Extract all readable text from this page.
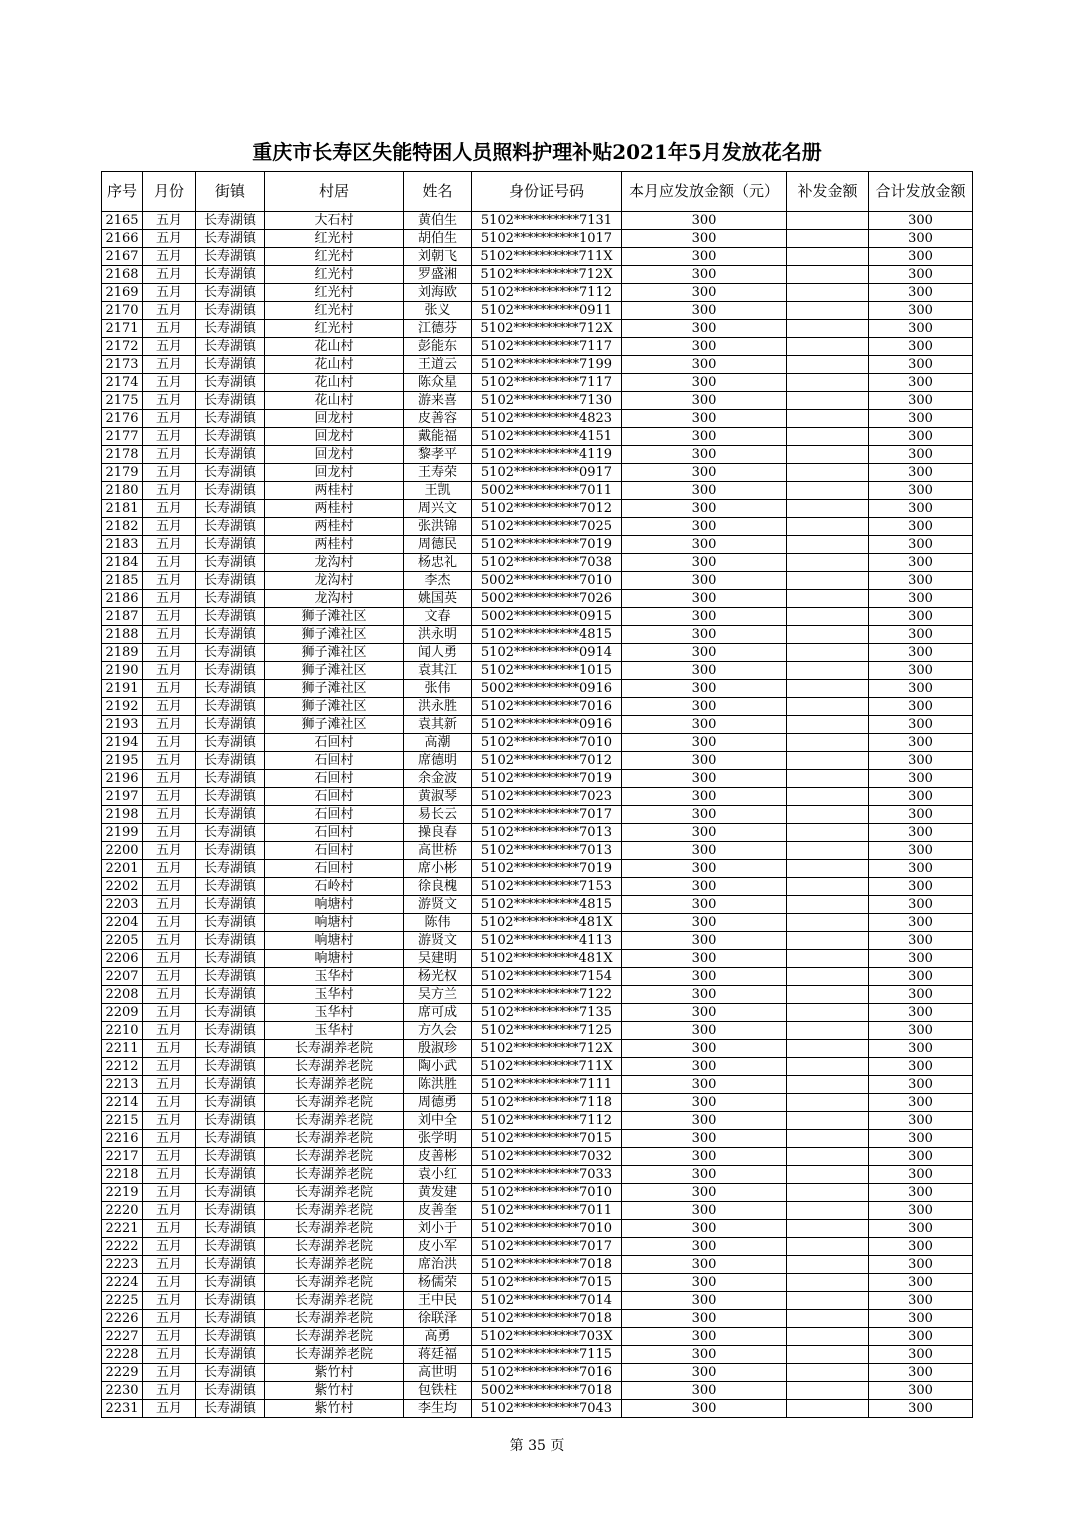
重庆市长寿区失能特困人员照料护理补贴2021年5月发放花名册
序号	月份	街镇	村居	姓名	身份证号码	本月应发放金额（元）	补发金额	合计发放金额
2165	五月	长寿湖镇	大石村	黄伯生	5102**********7131	300		300
2166	五月	长寿湖镇	红光村	胡伯生	5102**********1017	300		300
2167	五月	长寿湖镇	红光村	刘朝飞	5102**********711X	300		300
2168	五月	长寿湖镇	红光村	罗盛湘	5102**********712X	300		300
2169	五月	长寿湖镇	红光村	刘海欧	5102**********7112	300		300
2170	五月	长寿湖镇	红光村	张义	5102**********0911	300		300
2171	五月	长寿湖镇	红光村	江德芬	5102**********712X	300		300
2172	五月	长寿湖镇	花山村	彭能东	5102**********7117	300		300
2173	五月	长寿湖镇	花山村	王道云	5102**********7199	300		300
2174	五月	长寿湖镇	花山村	陈众星	5102**********7117	300		300
2175	五月	长寿湖镇	花山村	游来喜	5102**********7130	300		300
2176	五月	长寿湖镇	回龙村	皮善容	5102**********4823	300		300
2177	五月	长寿湖镇	回龙村	戴能福	5102**********4151	300		300
2178	五月	长寿湖镇	回龙村	黎孝平	5102**********4119	300		300
2179	五月	长寿湖镇	回龙村	王寿荣	5102**********0917	300		300
2180	五月	长寿湖镇	两桂村	王凯	5002**********7011	300		300
2181	五月	长寿湖镇	两桂村	周兴文	5102**********7012	300		300
2182	五月	长寿湖镇	两桂村	张洪锦	5102**********7025	300		300
2183	五月	长寿湖镇	两桂村	周德民	5102**********7019	300		300
2184	五月	长寿湖镇	龙沟村	杨忠礼	5102**********7038	300		300
2185	五月	长寿湖镇	龙沟村	李杰	5002**********7010	300		300
2186	五月	长寿湖镇	龙沟村	姚国英	5002**********7026	300		300
2187	五月	长寿湖镇	狮子滩社区	文春	5002**********0915	300		300
2188	五月	长寿湖镇	狮子滩社区	洪永明	5102**********4815	300		300
2189	五月	长寿湖镇	狮子滩社区	闻人勇	5102**********0914	300		300
2190	五月	长寿湖镇	狮子滩社区	袁其江	5102**********1015	300		300
2191	五月	长寿湖镇	狮子滩社区	张伟	5002**********0916	300		300
2192	五月	长寿湖镇	狮子滩社区	洪永胜	5102**********7016	300		300
2193	五月	长寿湖镇	狮子滩社区	袁其新	5102**********0916	300		300
2194	五月	长寿湖镇	石回村	高潮	5102**********7010	300		300
2195	五月	长寿湖镇	石回村	席德明	5102**********7012	300		300
2196	五月	长寿湖镇	石回村	余金波	5102**********7019	300		300
2197	五月	长寿湖镇	石回村	黄淑琴	5102**********7023	300		300
2198	五月	长寿湖镇	石回村	易长云	5102**********7017	300		300
2199	五月	长寿湖镇	石回村	操良春	5102**********7013	300		300
2200	五月	长寿湖镇	石回村	高世桥	5102**********7013	300		300
2201	五月	长寿湖镇	石回村	席小彬	5102**********7019	300		300
2202	五月	长寿湖镇	石岭村	徐良槐	5102**********7153	300		300
2203	五月	长寿湖镇	响塘村	游贤文	5102**********4815	300		300
2204	五月	长寿湖镇	响塘村	陈伟	5102**********481X	300		300
2205	五月	长寿湖镇	响塘村	游贤文	5102**********4113	300		300
2206	五月	长寿湖镇	响塘村	吴建明	5102**********481X	300		300
2207	五月	长寿湖镇	玉华村	杨光权	5102**********7154	300		300
2208	五月	长寿湖镇	玉华村	吴方兰	5102**********7122	300		300
2209	五月	长寿湖镇	玉华村	席可成	5102**********7135	300		300
2210	五月	长寿湖镇	玉华村	方久会	5102**********7125	300		300
2211	五月	长寿湖镇	长寿湖养老院	殷淑珍	5102**********712X	300		300
2212	五月	长寿湖镇	长寿湖养老院	陶小武	5102**********711X	300		300
2213	五月	长寿湖镇	长寿湖养老院	陈洪胜	5102**********7111	300		300
2214	五月	长寿湖镇	长寿湖养老院	周德勇	5102**********7118	300		300
2215	五月	长寿湖镇	长寿湖养老院	刘中全	5102**********7112	300		300
2216	五月	长寿湖镇	长寿湖养老院	张学明	5102**********7015	300		300
2217	五月	长寿湖镇	长寿湖养老院	皮善彬	5102**********7032	300		300
2218	五月	长寿湖镇	长寿湖养老院	袁小红	5102**********7033	300		300
2219	五月	长寿湖镇	长寿湖养老院	黄发建	5102**********7010	300		300
2220	五月	长寿湖镇	长寿湖养老院	皮善奎	5102**********7011	300		300
2221	五月	长寿湖镇	长寿湖养老院	刘小于	5102**********7010	300		300
2222	五月	长寿湖镇	长寿湖养老院	皮小军	5102**********7017	300		300
2223	五月	长寿湖镇	长寿湖养老院	席治洪	5102**********7018	300		300
2224	五月	长寿湖镇	长寿湖养老院	杨儒荣	5102**********7015	300		300
2225	五月	长寿湖镇	长寿湖养老院	王中民	5102**********7014	300		300
2226	五月	长寿湖镇	长寿湖养老院	徐联泽	5102**********7018	300		300
2227	五月	长寿湖镇	长寿湖养老院	高勇	5102**********703X	300		300
2228	五月	长寿湖镇	长寿湖养老院	蒋廷福	5102**********7115	300		300
2229	五月	长寿湖镇	紫竹村	高世明	5102**********7016	300		300
2230	五月	长寿湖镇	紫竹村	包铁柱	5002**********7018	300		300
2231	五月	长寿湖镇	紫竹村	李生均	5102**********7043	300		300
第 35 页
